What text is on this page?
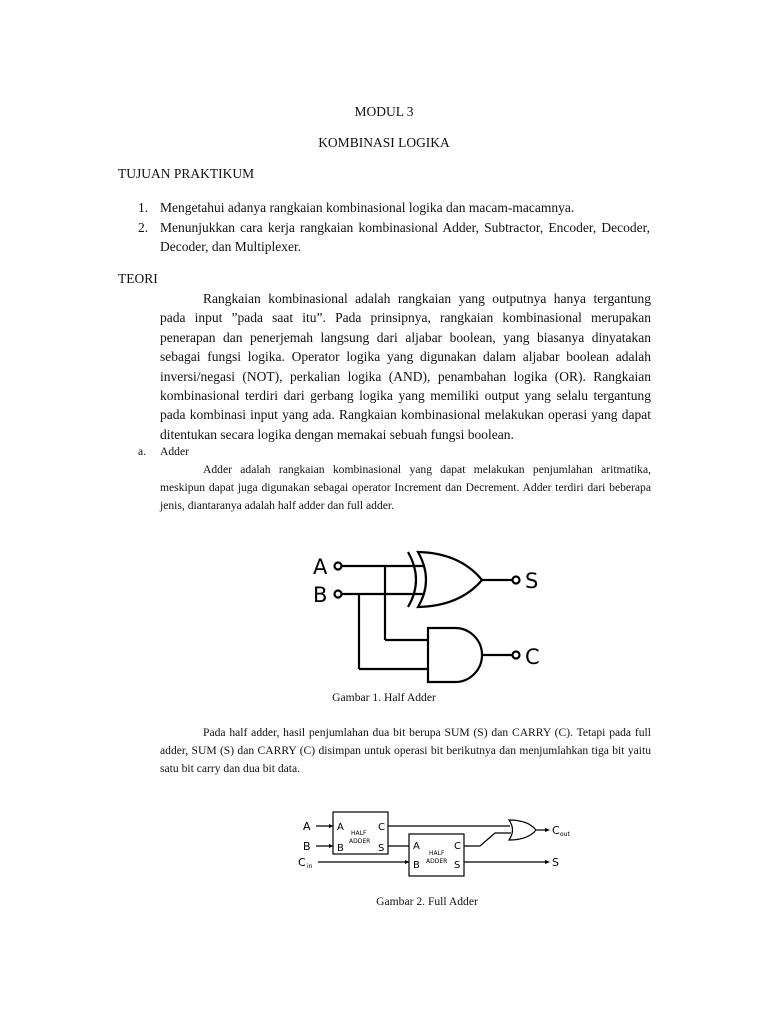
MODUL 3
KOMBINASI LOGIKA
TUJUAN PRAKTIKUM
1. Mengetahui adanya rangkaian kombinasional logika dan macam-macamnya.
2. Menunjukkan cara kerja rangkaian kombinasional Adder, Subtractor, Encoder, Decoder, Decoder, dan Multiplexer.
TEORI
Rangkaian kombinasional adalah rangkaian yang outputnya hanya tergantung pada input ”pada saat itu”. Pada prinsipnya, rangkaian kombinasional merupakan penerapan dan penerjemah langsung dari aljabar boolean, yang biasanya dinyatakan sebagai fungsi logika. Operator logika yang digunakan dalam aljabar boolean adalah inversi/negasi (NOT), perkalian logika (AND), penambahan logika (OR). Rangkaian kombinasional terdiri dari gerbang logika yang memiliki output yang selalu tergantung pada kombinasi input yang ada. Rangkaian kombinasional melakukan operasi yang dapat ditentukan secara logika dengan memakai sebuah fungsi boolean.
a. Adder
Adder adalah rangkaian kombinasional yang dapat melakukan penjumlahan aritmatika, meskipun dapat juga digunakan sebagai operator Increment dan Decrement. Adder terdiri dari beberapa jenis, diantaranya adalah half adder dan full adder.
A
B
S
C
Gambar 1. Half Adder
Pada half adder, hasil penjumlahan dua bit berupa SUM (S) dan CARRY (C). Tetapi pada full adder, SUM (S) dan CARRY (C) disimpan untuk operasi bit berikutnya dan menjumlahkan tiga bit yaitu satu bit carry dan dua bit data.
A
B
C in
C out
S
A
B
C
S
HALF
ADDER	A
B
C
S
HALF
ADDER
Gambar 2. Full Adder
